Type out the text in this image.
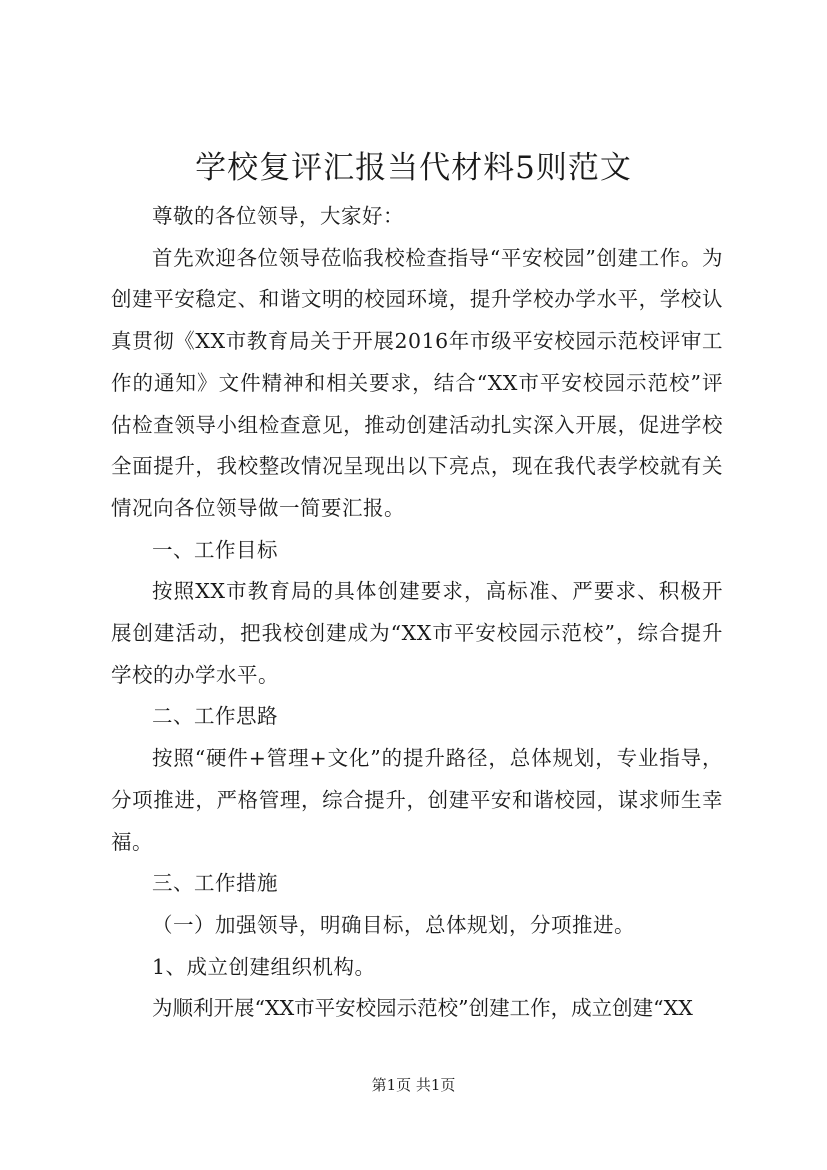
学校复评汇报当代材料5则范文

尊敬的各位领导，大家好：

首先欢迎各位领导莅临我校检查指导“平安校园”创建工作。为创建平安稳定、和谐文明的校园环境，提升学校办学水平，学校认真贯彻《XX市教育局关于开展2016年市级平安校园示范校评审工作的通知》文件精神和相关要求，结合“XX市平安校园示范校”评估检查领导小组检查意见，推动创建活动扎实深入开展，促进学校全面提升，我校整改情况呈现出以下亮点，现在我代表学校就有关情况向各位领导做一简要汇报。

一、工作目标

按照XX市教育局的具体创建要求，高标准、严要求、积极开展创建活动，把我校创建成为“XX市平安校园示范校”，综合提升学校的办学水平。

二、工作思路

按照“硬件+管理+文化”的提升路径，总体规划，专业指导，分项推进，严格管理，综合提升，创建平安和谐校园，谋求师生幸福。

三、工作措施

（一）加强领导，明确目标，总体规划，分项推进。

1、成立创建组织机构。

为顺利开展“XX市平安校园示范校”创建工作，成立创建“XX

第1页 共1页
